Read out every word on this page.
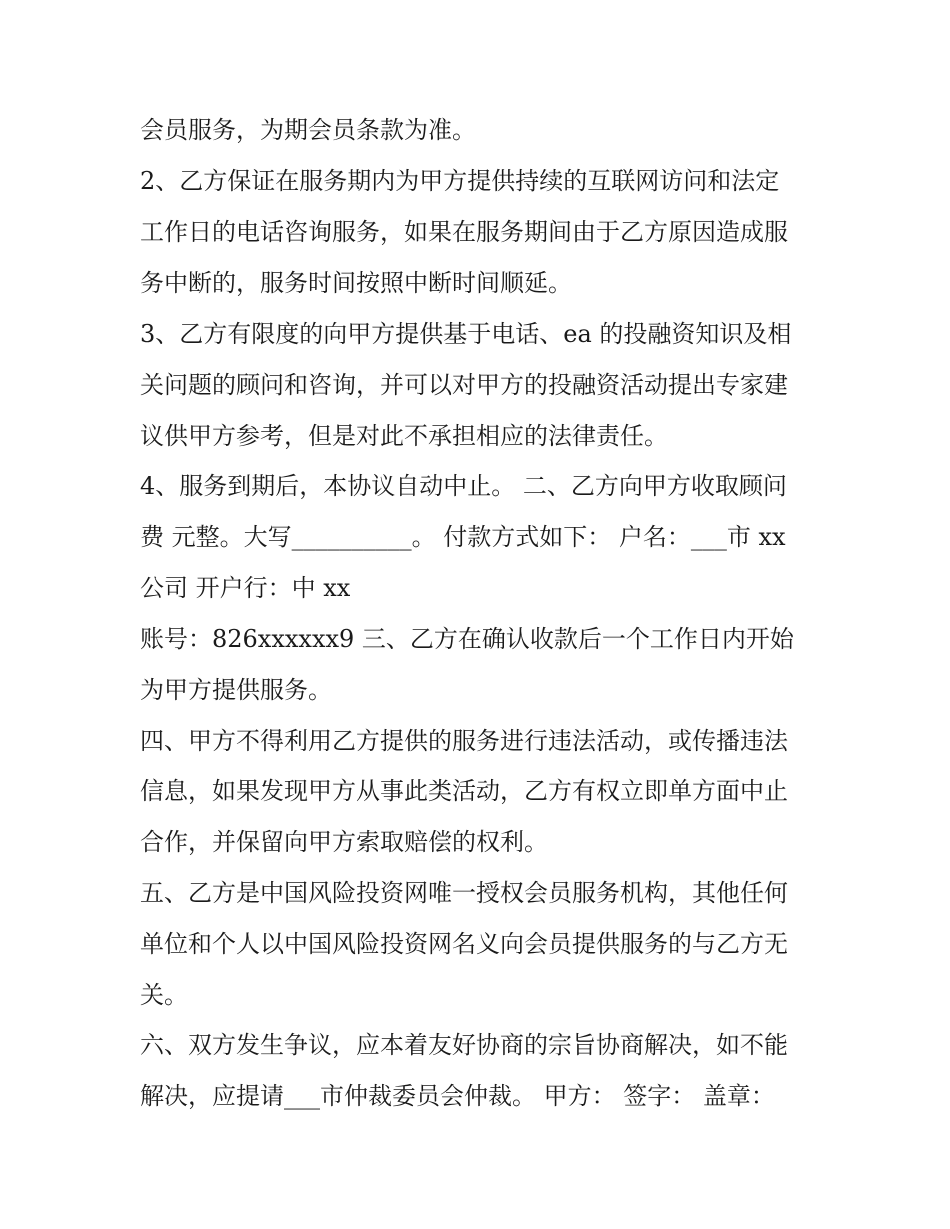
会员服务，为期会员条款为准。
2、乙方保证在服务期内为甲方提供持续的互联网访问和法定
工作日的电话咨询服务，如果在服务期间由于乙方原因造成服
务中断的，服务时间按照中断时间顺延。
3、乙方有限度的向甲方提供基于电话、ea 的投融资知识及相
关问题的顾问和咨询，并可以对甲方的投融资活动提出专家建
议供甲方参考，但是对此不承担相应的法律责任。
4、服务到期后，本协议自动中止。 二、乙方向甲方收取顾问
费 元整。大写__________。 付款方式如下： 户名：___市 xx
公司 开户行：中 xx
账号：826xxxxxx9 三、乙方在确认收款后一个工作日内开始
为甲方提供服务。
四、甲方不得利用乙方提供的服务进行违法活动，或传播违法
信息，如果发现甲方从事此类活动，乙方有权立即单方面中止
合作，并保留向甲方索取赔偿的权利。
五、乙方是中国风险投资网唯一授权会员服务机构，其他任何
单位和个人以中国风险投资网名义向会员提供服务的与乙方无
关。
六、双方发生争议，应本着友好协商的宗旨协商解决，如不能
解决，应提请___市仲裁委员会仲裁。 甲方： 签字： 盖章：
